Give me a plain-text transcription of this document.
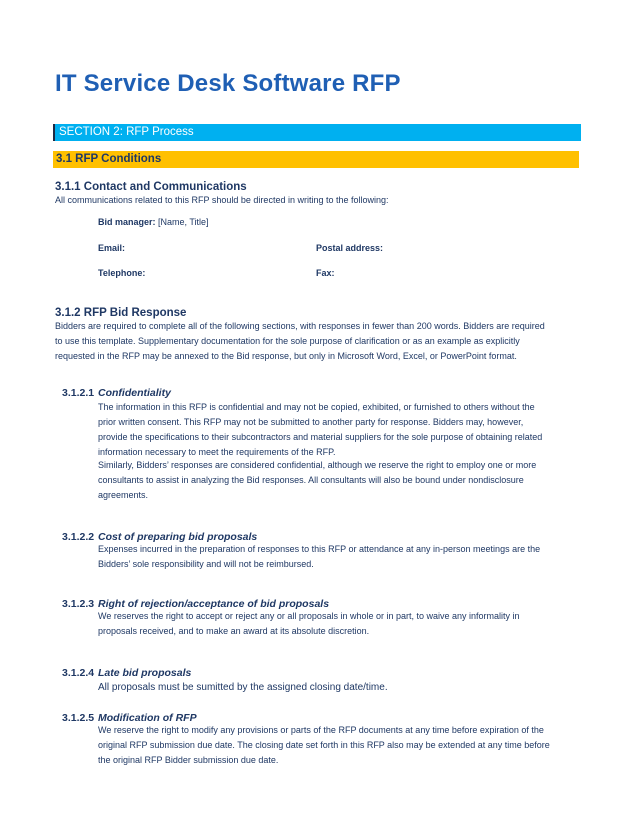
IT Service Desk Software RFP
SECTION 2: RFP Process
3.1 RFP Conditions
3.1.1 Contact and Communications
All communications related to this RFP should be directed in writing to the following:
Bid manager: [Name, Title]
Email:	Postal address:
Telephone:	Fax:
3.1.2 RFP Bid Response
Bidders are required to complete all of the following sections, with responses in fewer than 200 words. Bidders are required
to use this template. Supplementary documentation for the sole purpose of clarification or as an example as explicitly
requested in the RFP may be annexed to the Bid response, but only in Microsoft Word, Excel, or PowerPoint format.
3.1.2.1 Confidentiality
The information in this RFP is confidential and may not be copied, exhibited, or furnished to others without the
prior written consent. This RFP may not be submitted to another party for response. Bidders may, however,
provide the specifications to their subcontractors and material suppliers for the sole purpose of obtaining related
information necessary to meet the requirements of the RFP.
Similarly, Bidders’ responses are considered confidential, although we reserve the right to employ one or more
consultants to assist in analyzing the Bid responses. All consultants will also be bound under nondisclosure
agreements.
3.1.2.2 Cost of preparing bid proposals
Expenses incurred in the preparation of responses to this RFP or attendance at any in-person meetings are the
Bidders’ sole responsibility and will not be reimbursed.
3.1.2.3 Right of rejection/acceptance of bid proposals
We reserves the right to accept or reject any or all proposals in whole or in part, to waive any informality in
proposals received, and to make an award at its absolute discretion.
3.1.2.4 Late bid proposals
All proposals must be sumitted by the assigned closing date/time.
3.1.2.5 Modification of RFP
We reserve the right to modify any provisions or parts of the RFP documents at any time before expiration of the
original RFP submission due date. The closing date set forth in this RFP also may be extended at any time before
the original RFP Bidder submission due date.
